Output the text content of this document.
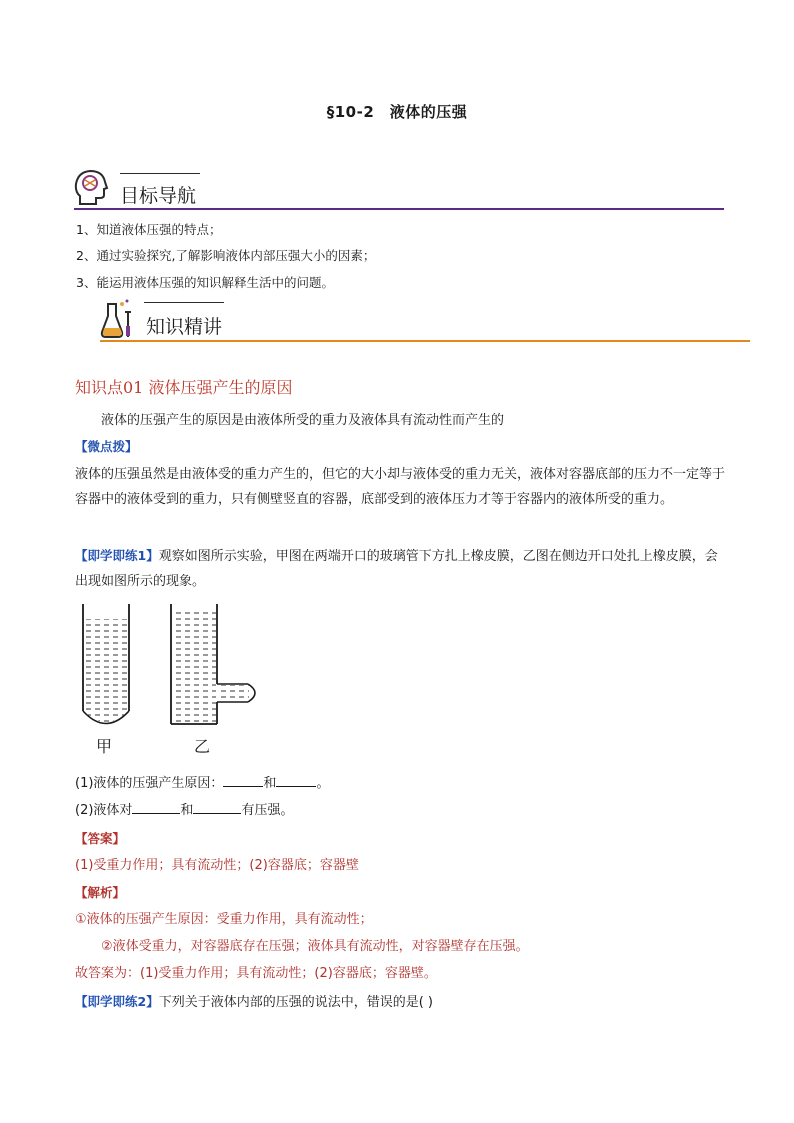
§10-2　液体的压强
目标导航
1、知道液体压强的特点；
2、通过实验探究,了解影响液体内部压强大小的因素；
3、能运用液体压强的知识解释生活中的问题。
知识精讲
知识点01 液体压强产生的原因
液体的压强产生的原因是由液体所受的重力及液体具有流动性而产生的
【微点拨】
液体的压强虽然是由液体受的重力产生的，但它的大小却与液体受的重力无关，液体对容器底部的压力不一定等于容器中的液体受到的重力，只有侧壁竖直的容器，底部受到的液体压力才等于容器内的液体所受的重力。
【即学即练1】观察如图所示实验，甲图在两端开口的玻璃管下方扎上橡皮膜，乙图在侧边开口处扎上橡皮膜，会出现如图所示的现象。
甲	乙
(1)液体的压强产生原因：	和	。
(2)液体对	和	有压强。
【答案】
(1)受重力作用；具有流动性；(2)容器底；容器壁
【解析】
①液体的压强产生原因：受重力作用，具有流动性；
②液体受重力，对容器底存在压强；液体具有流动性，对容器壁存在压强。
故答案为：(1)受重力作用；具有流动性；(2)容器底；容器壁。
【即学即练2】下列关于液体内部的压强的说法中，错误的是( )
